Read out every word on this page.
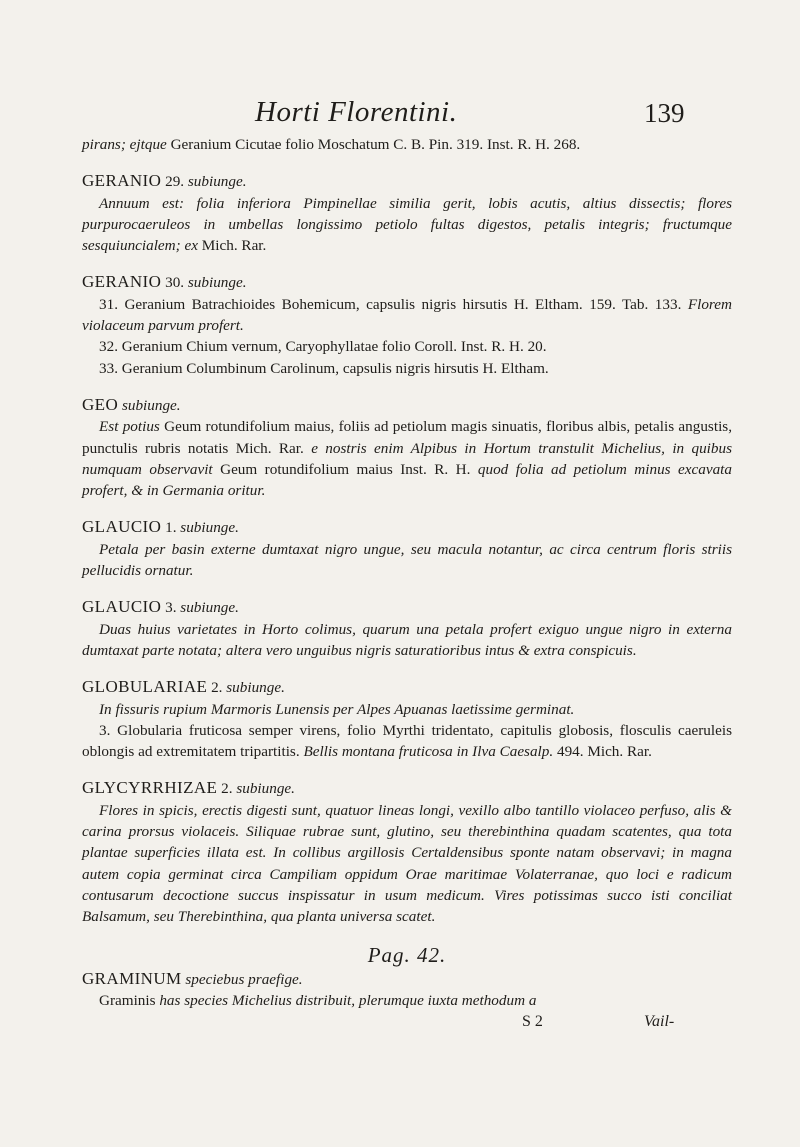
Horti Florentini.	139

pirans; ejtque Geranium Cicutae folio Moschatum C. B. Pin. 319. Inst. R. H. 268.

GERANIO 29. subiunge.

Annuum est: folia inferiora Pimpinellae similia gerit, lobis acutis, altius dissectis; flores purpurocaeruleos in umbellas longissimo petiolo fultas digestos, petalis integris; fructumque sesquiuncialem; ex Mich. Rar.

GERANIO 30. subiunge.

31. Geranium Batrachioides Bohemicum, capsulis nigris hirsutis H. Eltham. 159. Tab. 133. Florem violaceum parvum profert.

32. Geranium Chium vernum, Caryophyllatae folio Coroll. Inst. R. H. 20.

33. Geranium Columbinum Carolinum, capsulis nigris hirsutis H. Eltham.

GEO subiunge.

Est potius Geum rotundifolium maius, foliis ad petiolum magis sinuatis, floribus albis, petalis angustis, punctulis rubris notatis Mich. Rar. e nostris enim Alpibus in Hortum transtulit Michelius, in quibus numquam observavit Geum rotundifolium maius Inst. R. H. quod folia ad petiolum minus excavata profert, & in Germania oritur.

GLAUCIO 1. subiunge.

Petala per basin externe dumtaxat nigro ungue, seu macula notantur, ac circa centrum floris striis pellucidis ornatur.

GLAUCIO 3. subiunge.

Duas huius varietates in Horto colimus, quarum una petala profert exiguo ungue nigro in externa dumtaxat parte notata; altera vero unguibus nigris saturatioribus intus & extra conspicuis.

GLOBULARIAE 2. subiunge.

In fissuris rupium Marmoris Lunensis per Alpes Apuanas laetissime germinat.

3. Globularia fruticosa semper virens, folio Myrthi tridentato, capitulis globosis, flosculis caeruleis oblongis ad extremitatem tripartitis. Bellis montana fruticosa in Ilva Caesalp. 494. Mich. Rar.

GLYCYRRHIZAE 2. subiunge.

Flores in spicis, erectis digesti sunt, quatuor lineas longi, vexillo albo tantillo violaceo perfuso, alis & carina prorsus violaceis. Siliquae rubrae sunt, glutino, seu therebinthina quadam scatentes, qua tota plantae superficies illata est. In collibus argillosis Certaldensibus sponte natam observavi; in magna autem copia germinat circa Campiliam oppidum Orae maritimae Volaterranae, quo loci e radicum contusarum decoctione succus inspissatur in usum medicum. Vires potissimas succo isti conciliat Balsamum, seu Therebinthina, qua planta universa scatet.

Pag. 42.

GRAMINUM speciebus praefige.

Graminis has species Michelius distribuit, plerumque iuxta methodum a

S 2	Vail-
